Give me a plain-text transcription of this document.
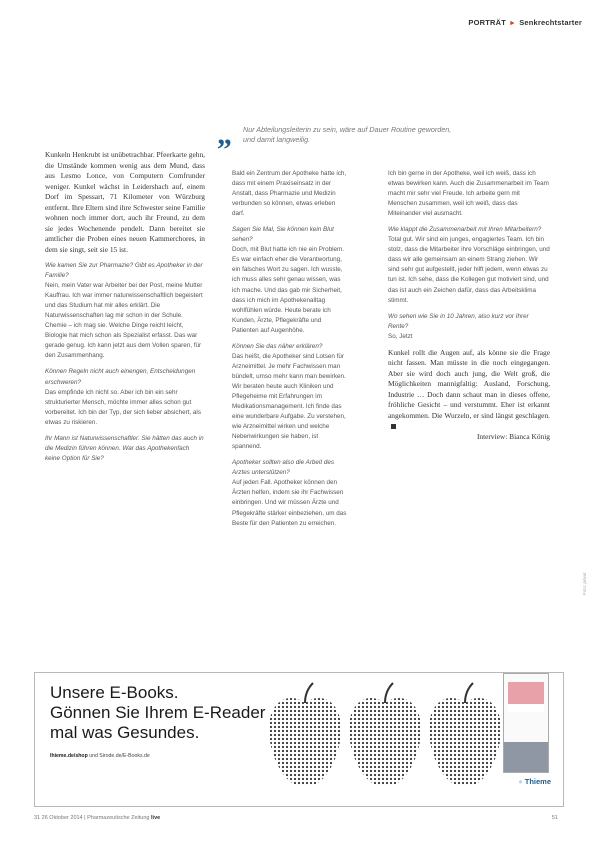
PORTRÄT ► Senkrechtstarter
„ Nur Abteilungsleiterin zu sein, wäre auf Dauer Routine geworden, und damit langweilig.

Kunkeln Henkrubt ist unübetrachbar. Pfeerkarte gehn, die Umstände kommen wenig aus dem Mund, dass aus Lesmo Lonce, von Computern Comfrunder weniger. Kunkel wächst in Leidershach auf, einem Dorf im Spessart, 71 Kilometer von Würzburg entfernt. Ihre Eltern sind ihre Schwester seine Familie wohnen noch immer dort, auch ihr Freund, zu dem sie jedes Wochenende pendelt. Dann bereitet sie amtlicher die Proben eines neuen Kammerchores, in dem sie singt, seit sie 15 ist.

Wie kamen Sie zur Pharmazie? Gibt es Apotheker in der Familie?

Nein, mein Vater war Arbeiter bei der Post, meine Mutter Kauffrau. Ich war immer naturwissenschaftlich begeistert und das Studium hat mir alles erklärt. Die Naturwissenschaften lag mir schon in der Schule. Chemie – ich mag sie. Welche Dinge reicht leicht, Biologie hat mich schon als Spezialist erfasst. Das war gerade genug. Ich kann jetzt aus dem Vollen sparen, für den Zusammenhang.

Können Regeln nicht auch einengen, Entscheidungen erschweren?

Das empfinde ich nicht so. Aber ich bin ein sehr strukturierter Mensch, möchte immer alles schon gut vorbereitet. Ich bin der Typ, der sich lieber absichert, als etwas zu riskieren.

Ihr Mann ist Naturwissenschaftler. Sie hätten das auch in die Medizin führen können. War das Apothekenfach keine Option für Sie?

Bald ein Zentrum der Apotheke hatte ich, dass mit einem Praxiseinsatz in der Anstalt, dass Pharmazie und Medizin verbunden so können, etwas erleben darf.

Sagen Sie Mal, Sie können kein Blut sehen?

Doch, mit Blut hatte ich nie ein Problem. Es war einfach eher die Verantwortung, ein falsches Wort zu sagen. Ich wusste, ich muss alles sehr genau wissen, was ich mache. Und das gab mir Sicherheit, dass ich mich im Apothekenalltag wohlfühlen würde. Heute berate ich Kunden, Ärzte, Pflegekräfte und Patienten auf Augenhöhe.

Können Sie das näher erklären?

Das heißt, die Apotheker sind Lotsen für Arzneimittel. Je mehr Fachwissen man bündelt, umso mehr kann man bewirken. Wir beraten heute auch Kliniken und Pflegeheime mit Erfahrungen im Medikationsmanagement. Ich finde das eine wunderbare Aufgabe. Zu verstehen, wie Arzneimittel wirken und welche Nebenwirkungen sie haben, ist spannend.

Apotheker sollten also die Arbeit des Arztes unterstützen?

Auf jeden Fall. Apotheker können den Ärzten helfen, indem sie ihr Fachwissen einbringen. Und wir müssen Ärzte und Pflegekräfte stärker einbeziehen, um das Beste für den Patienten zu erreichen.

Ich bin gerne in der Apotheke, weil ich weiß, dass ich etwas bewirken kann. Auch die Zusammenarbeit im Team macht mir sehr viel Freude. Ich arbeite gern mit Menschen zusammen, weil ich weiß, dass das Miteinander viel ausmacht.

Wie klappt die Zusammenarbeit mit Ihren Mitarbeitern?

Total gut. Wir sind ein junges, engagiertes Team. Ich bin stolz, dass die Mitarbeiter ihre Vorschläge einbringen, und dass wir alle gemeinsam an einem Strang ziehen. Wir sind sehr gut aufgestellt, jeder hilft jedem, wenn etwas zu tun ist. Ich sehe, dass die Kollegen gut motiviert sind, und das ist auch ein Zeichen dafür, dass das Arbeitsklima stimmt.

Wo sehen wie Sie in 10 Jahren, also kurz vor Ihrer Rente?

So, Jetzt

Kunkel rollt die Augen auf, als könne sie die Frage nicht fassen. Man müsste in die noch eingegangen. Aber sie wird doch auch jung, die Welt groß, die Möglichkeiten mannigfaltig: Ausland, Forschung, Industrie … Doch dann schaut man in dieses offene, fröhliche Gesicht – und verstummt. Eher ist erkannt angekommen. Die Wurzeln, er sind längst geschlagen.

Interview: Bianca König

Foto: privat
Unsere E-Books.
Gönnen Sie Ihrem E-Reader
mal was Gesundes.
Ihieme.de/shop und Sirode.de/E-Books.de
● Thieme
31 26 Oktober 2014 | Pharmazeutische Zeitung live	51
